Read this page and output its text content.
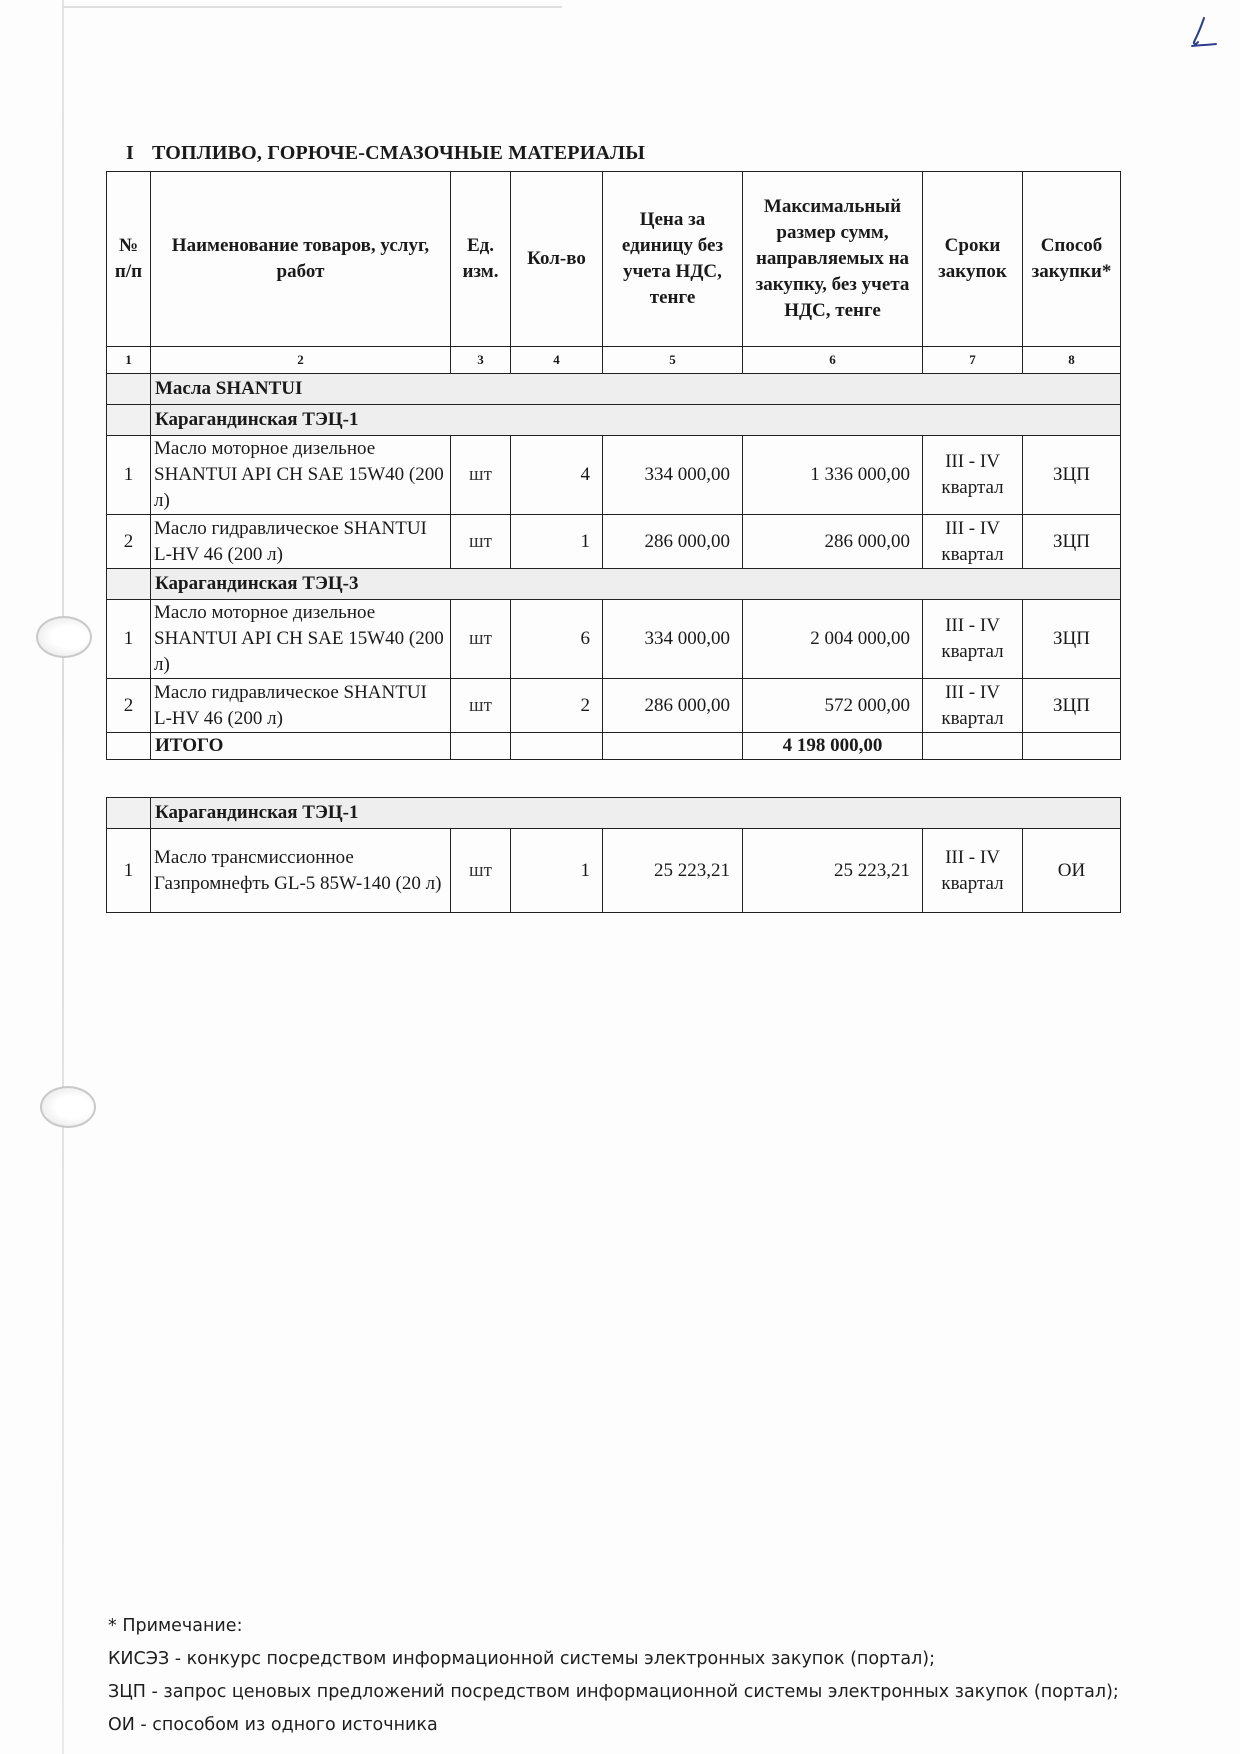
I ТОПЛИВО, ГОРЮЧЕ-СМАЗОЧНЫЕ МАТЕРИАЛЫ
№ п/п	Наименование товаров, услуг, работ	Ед. изм.	Кол-во	Цена за единицу без учета НДС, тенге	Максимальный размер сумм, направляемых на закупку, без учета НДС, тенге	Сроки закупок	Способ закупки*
1	2	3	4	5	6	7	8
	Масла SHANTUI						
	Карагандинская ТЭЦ-1						
1	Масло моторное дизельное SHANTUI API CH SAE 15W40 (200 л)	шт	4	334 000,00	1 336 000,00	III - IV квартал	ЗЦП
2	Масло гидравлическое SHANTUI L-HV 46 (200 л)	шт	1	286 000,00	286 000,00	III - IV квартал	ЗЦП
	Карагандинская ТЭЦ-3						
1	Масло моторное дизельное SHANTUI API CH SAE 15W40 (200 л)	шт	6	334 000,00	2 004 000,00	III - IV квартал	ЗЦП
2	Масло гидравлическое SHANTUI L-HV 46 (200 л)	шт	2	286 000,00	572 000,00	III - IV квартал	ЗЦП
	ИТОГО				4 198 000,00		
	Карагандинская ТЭЦ-1						
1	Масло трансмиссионное Газпромнефть GL-5 85W-140 (20 л)	шт	1	25 223,21	25 223,21	III - IV квартал	ОИ
* Примечание:
КИСЭЗ - конкурс посредством информационной системы электронных закупок (портал);
ЗЦП - запрос ценовых предложений посредством информационной системы электронных закупок (портал);
ОИ - способом из одного источника
